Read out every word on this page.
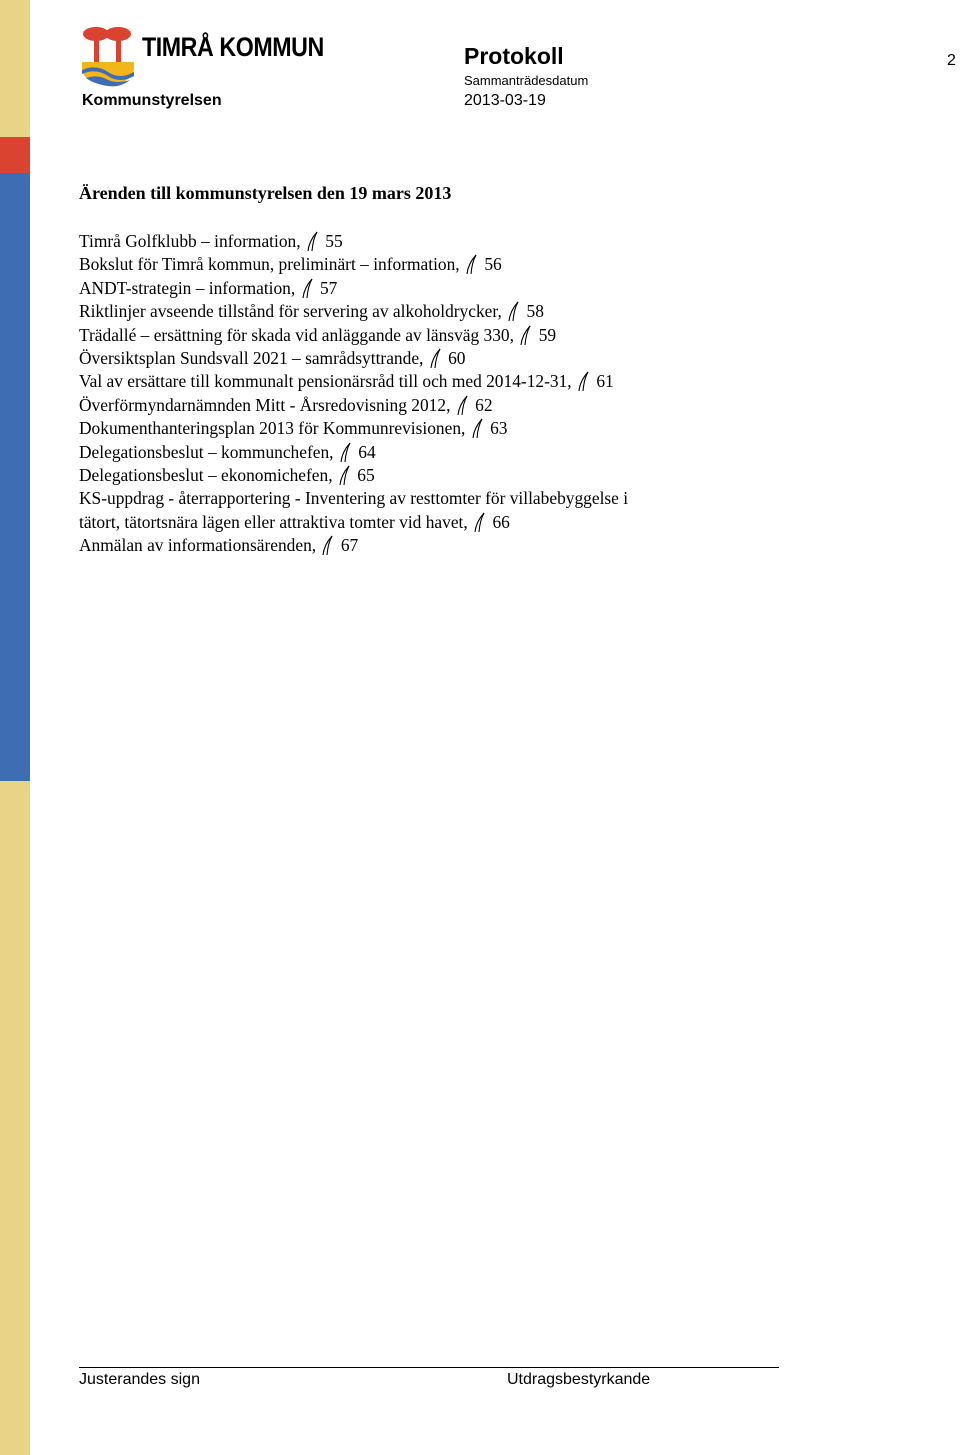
TIMRÅ KOMMUN	Protokoll
Sammanträdesdatum
2013-03-19
2
Kommunstyrelsen
Ärenden till kommunstyrelsen den 19 mars 2013
Timrå Golfklubb – information, 55
Bokslut för Timrå kommun, preliminärt – information, 56
ANDT-strategin – information, 57
Riktlinjer avseende tillstånd för servering av alkoholdrycker, 58
Trädallé – ersättning för skada vid anläggande av länsväg 330, 59
Översiktsplan Sundsvall 2021 – samrådsyttrande, 60
Val av ersättare till kommunalt pensionärsråd till och med 2014-12-31, 61
Överförmyndarnämnden Mitt - Årsredovisning 2012, 62
Dokumenthanteringsplan 2013 för Kommunrevisionen, 63
Delegationsbeslut – kommunchefen, 64
Delegationsbeslut – ekonomichefen, 65
KS-uppdrag - återrapportering - Inventering av resttomter för villabebyggelse i
tätort, tätortsnära lägen eller attraktiva tomter vid havet, 66
Anmälan av informationsärenden, 67
Justerandes sign	Utdragsbestyrkande
